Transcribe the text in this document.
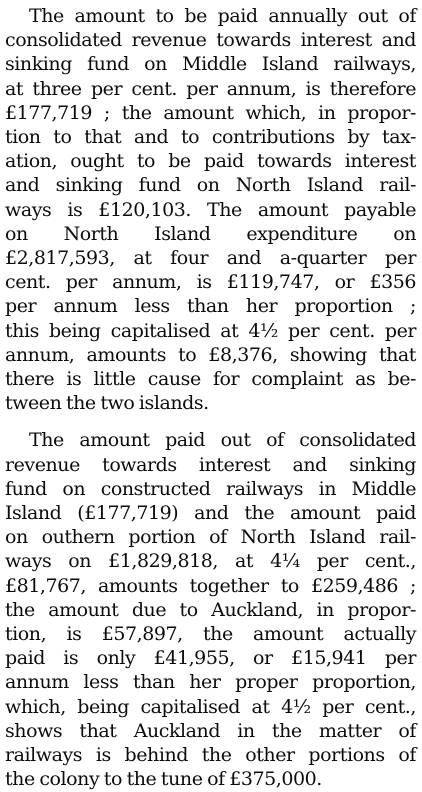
The amount to be paid annually out of
consolidated revenue towards interest and
sinking fund on Middle Island railways,
at three per cent. per annum, is therefore
£177,719 ; the amount which, in propor-
tion to that and to contributions by tax-
ation, ought to be paid towards interest
and sinking fund on North Island rail-
ways is £120,103. The amount payable
on North Island expenditure on
£2,817,593, at four and a-quarter per
cent. per annum, is £119,747, or £356
per annum less than her proportion ;
this being capitalised at 4½ per cent. per
annum, amounts to £8,376, showing that
there is little cause for complaint as be-
tween the two islands.

The amount paid out of consolidated
revenue towards interest and sinking
fund on constructed railways in Middle
Island (£177,719) and the amount paid
on outhern portion of North Island rail-
ways on £1,829,818, at 4¼ per cent.,
£81,767, amounts together to £259,486 ;
the amount due to Auckland, in propor-
tion, is £57,897, the amount actually
paid is only £41,955, or £15,941 per
annum less than her proper proportion,
which, being capitalised at 4½ per cent.,
shows that Auckland in the matter of
railways is behind the other portions of
the colony to the tune of £375,000.
